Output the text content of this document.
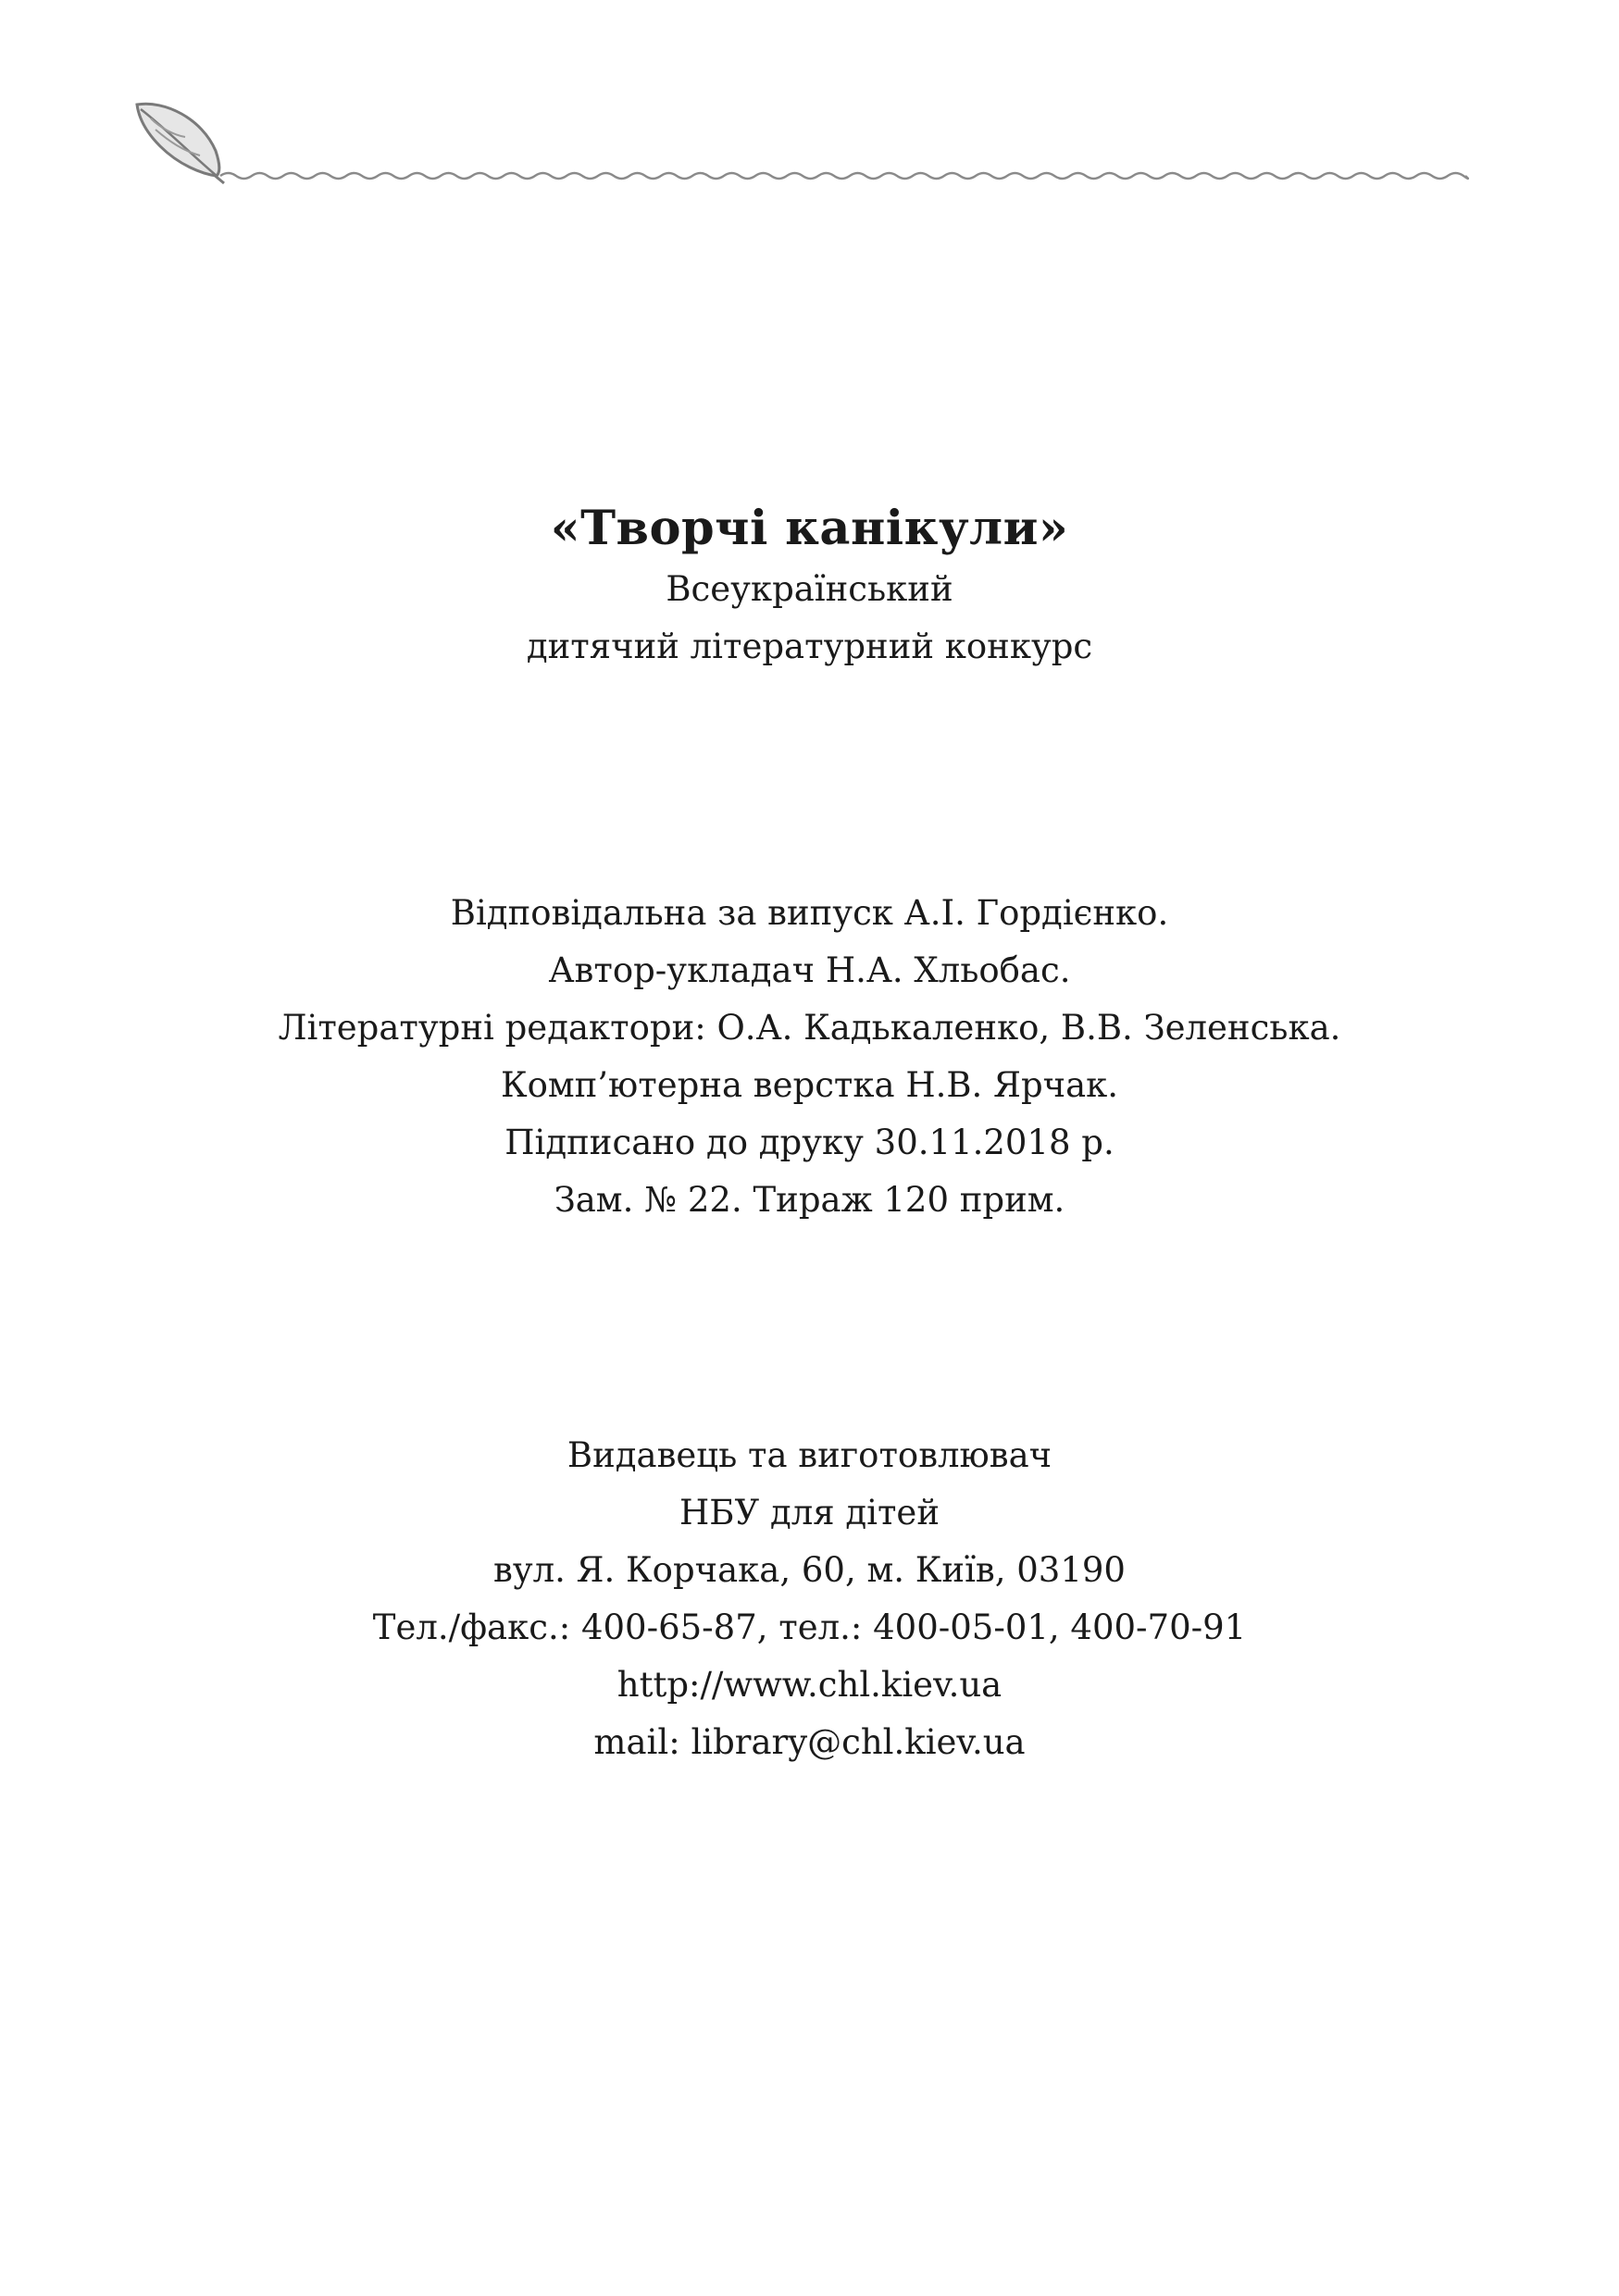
«Творчі канікули»

Всеукраїнський

дитячий літературний конкурс

Відповідальна за випуск А.І. Гордієнко.

Автор-укладач Н.А. Хльобас.

Літературні редактори: О.А. Кадькаленко, В.В. Зеленська.

Комп’ютерна верстка Н.В. Ярчак.

Підписано до друку 30.11.2018 р.

Зам. № 22. Тираж 120 прим.

Видавець та виготовлювач

НБУ для дітей

вул. Я. Корчака, 60, м. Київ, 03190

Тел./факс.: 400-65-87, тел.: 400-05-01, 400-70-91

http://www.chl.kiev.ua

mail: library@chl.kiev.ua
